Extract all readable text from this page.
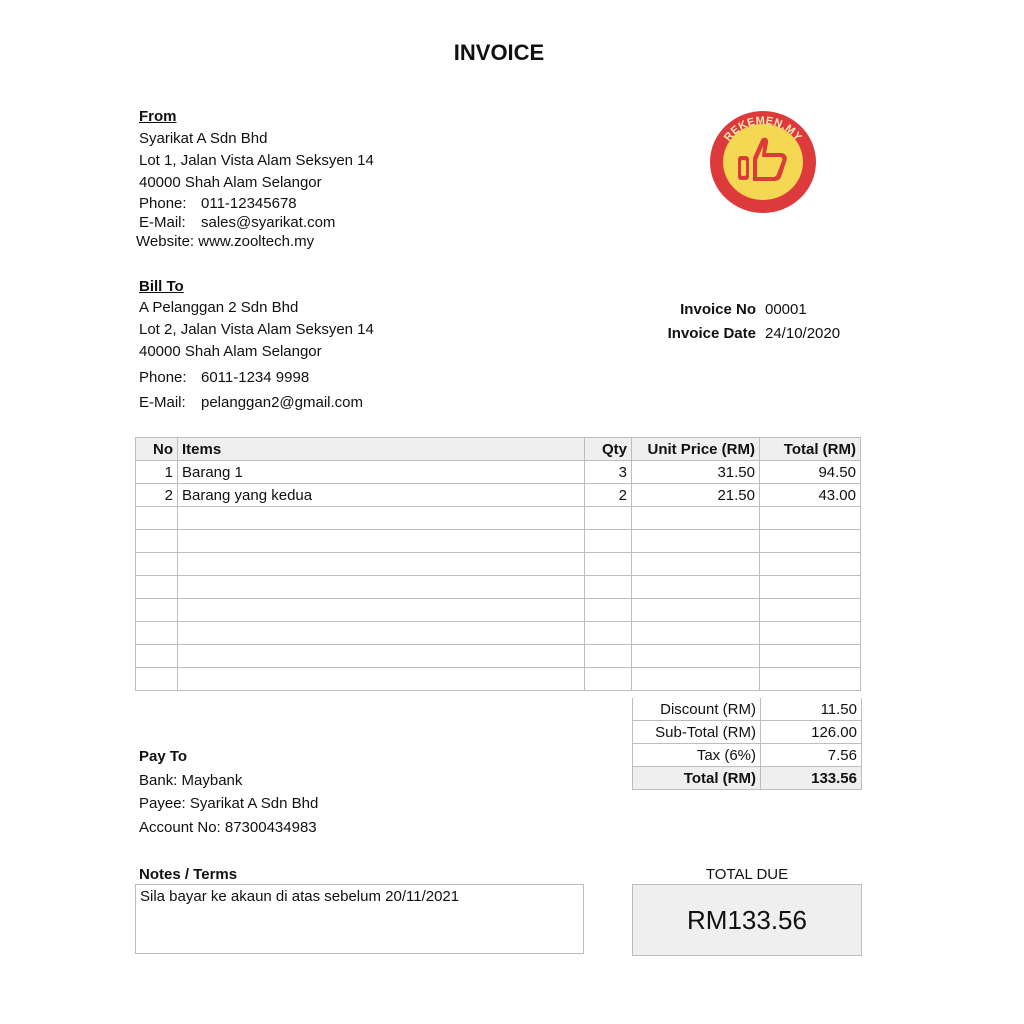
INVOICE
From
Syarikat A Sdn Bhd
Lot 1, Jalan Vista Alam Seksyen 14
40000 Shah Alam Selangor
Phone: 011-12345678
E-Mail: sales@syarikat.com
Website: www.zooltech.my
REKEMEN.MY
Bill To
A Pelanggan 2 Sdn Bhd
Lot 2, Jalan Vista Alam Seksyen 14
40000 Shah Alam Selangor
Phone: 6011-1234 9998
E-Mail: pelanggan2@gmail.com
Invoice No 00001
Invoice Date 24/10/2020
No	Items	Qty	Unit Price (RM)	Total (RM)
1	Barang 1	3	31.50	94.50
2	Barang yang kedua	2	21.50	43.00

Discount (RM)	11.50
Sub-Total (RM)	126.00
Tax (6%)	7.56
Total (RM)	133.56
Pay To
Bank: Maybank
Payee: Syarikat A Sdn Bhd
Account No: 87300434983
Notes / Terms
Sila bayar ke akaun di atas sebelum 20/11/2021
TOTAL DUE
RM133.56
